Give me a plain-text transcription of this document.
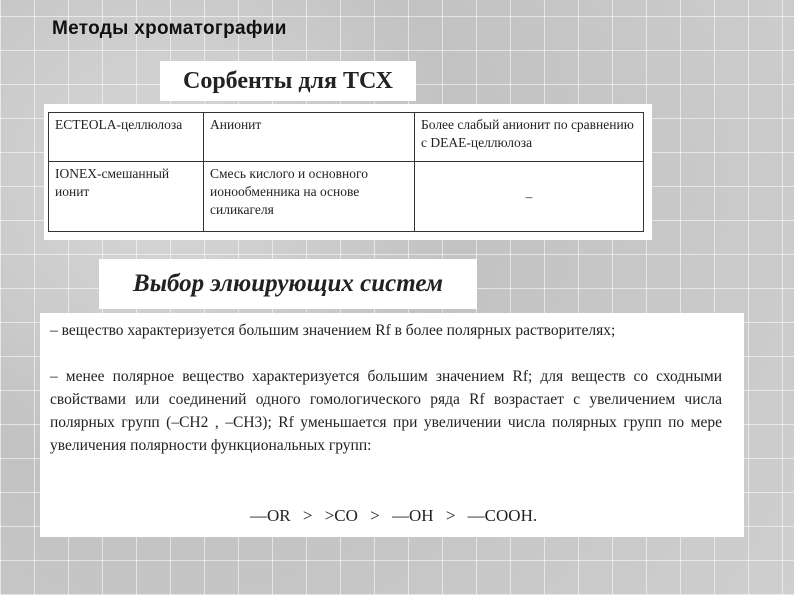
Методы хроматографии
Сорбенты для ТСХ
ECTEOLA-целлюлоза	Анионит	Более слабый анионит по сравнению с DEAE-целлюлоза
IONEX-смешанный ионит	Смесь кислого и основного ионообменника на основе силикагеля	–
Выбор элюирующих систем
– вещество характеризуется большим значением Rf в более полярных растворителях;
– менее полярное вещество характеризуется большим значением Rf; для веществ со сходными свойствами или соединений одного гомологического ряда Rf возрастает с увеличением числа полярных групп (–CH2 , –CH3); Rf уменьшается при увеличении числа полярных групп по мере увеличения полярности функциональных групп:
—OR > >CO > —OH > —COOH.
